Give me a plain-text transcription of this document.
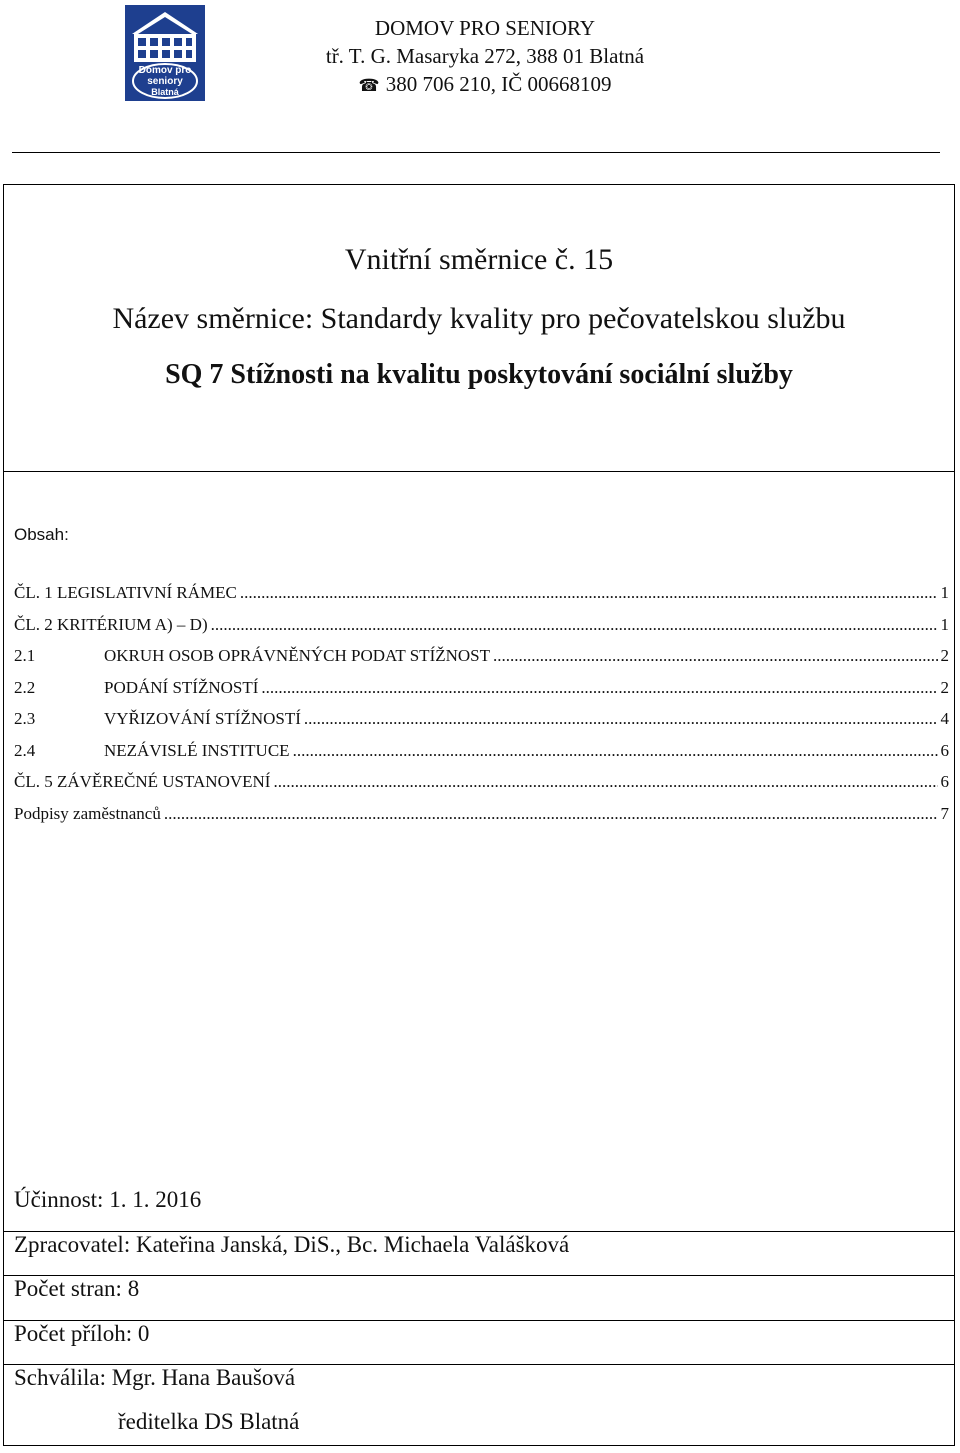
Domov pro
seniory
Blatná
DOMOV PRO SENIORY
tř. T. G. Masaryka 272, 388 01 Blatná
☎ 380 706 210, IČ 00668109
Vnitřní směrnice č. 15
Název směrnice: Standardy kvality pro pečovatelskou službu
SQ 7 Stížnosti na kvalitu poskytování sociální služby
Obsah:
ČL. 1 LEGISLATIVNÍ RÁMEC .....	1
ČL. 2 KRITÉRIUM A) – D) .....	1
2.1	OKRUH OSOB OPRÁVNĚNÝCH PODAT STÍŽNOST .....	2
2.2	PODÁNÍ STÍŽNOSTÍ .....	2
2.3	VYŘIZOVÁNÍ STÍŽNOSTÍ .....	4
2.4	NEZÁVISLÉ INSTITUCE .....	6
ČL. 5 ZÁVĚREČNÉ USTANOVENÍ .....	6
Podpisy zaměstnanců .....	7
Účinnost: 1. 1. 2016
Zpracovatel: Kateřina Janská, DiS., Bc. Michaela Valášková
Počet stran: 8
Počet příloh: 0
Schválila: Mgr. Hana Baušová
ředitelka DS Blatná
